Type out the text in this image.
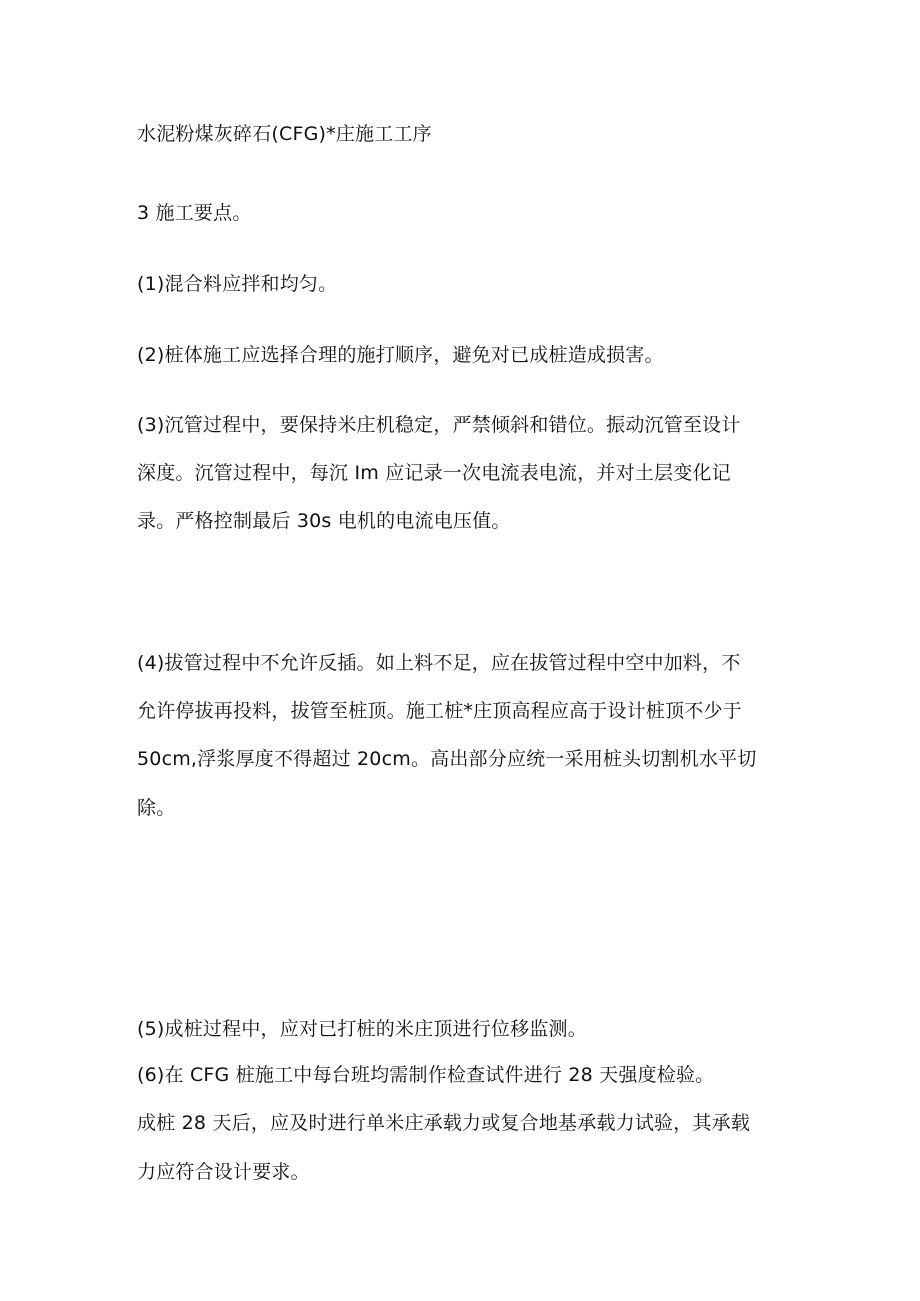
水泥粉煤灰碎石(CFG)*庄施工工序

3 施工要点。

(1)混合料应拌和均匀。

(2)桩体施工应选择合理的施打顺序，避免对已成桩造成损害。

(3)沉管过程中，要保持米庄机稳定，严禁倾斜和错位。振动沉管至设计

深度。沉管过程中，每沉 Im 应记录一次电流表电流，并对土层变化记

录。严格控制最后 30s 电机的电流电压值。

(4)拔管过程中不允许反插。如上料不足，应在拔管过程中空中加料，不

允许停拔再投料，拔管至桩顶。施工桩*庄顶高程应高于设计桩顶不少于

50cm,浮浆厚度不得超过 20cm。高出部分应统一采用桩头切割机水平切

除。

(5)成桩过程中，应对已打桩的米庄顶进行位移监测。

(6)在 CFG 桩施工中每台班均需制作检查试件进行 28 天强度检验。

成桩 28 天后，应及时进行单米庄承载力或复合地基承载力试验，其承载

力应符合设计要求。
